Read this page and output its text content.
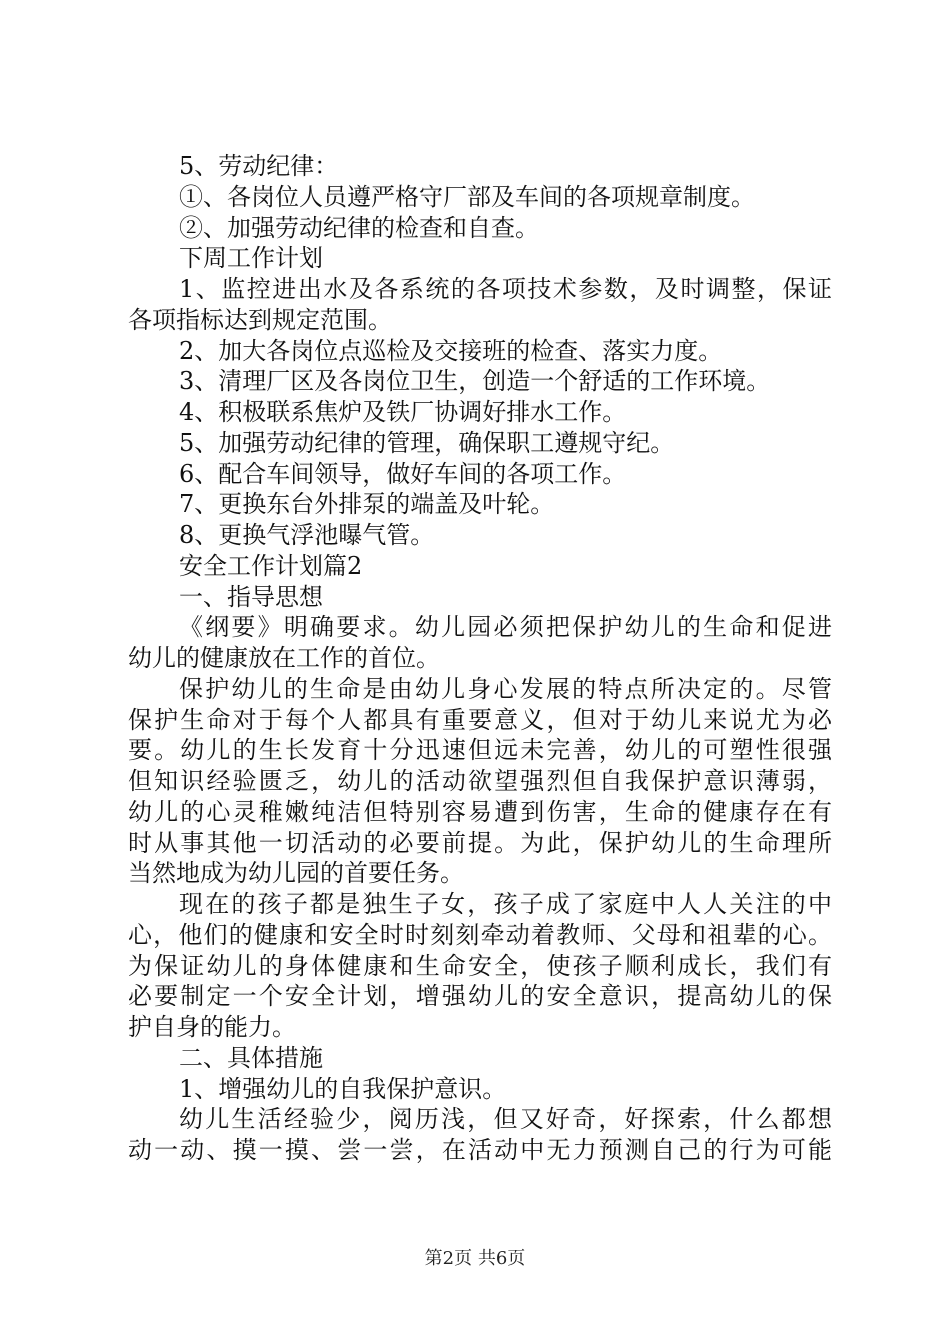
5、劳动纪律：
①、各岗位人员遵严格守厂部及车间的各项规章制度。
②、加强劳动纪律的检查和自查。
下周工作计划
1、监控进出水及各系统的各项技术参数，及时调整，保证
各项指标达到规定范围。
2、加大各岗位点巡检及交接班的检查、落实力度。
3、清理厂区及各岗位卫生，创造一个舒适的工作环境。
4、积极联系焦炉及铁厂协调好排水工作。
5、加强劳动纪律的管理，确保职工遵规守纪。
6、配合车间领导，做好车间的各项工作。
7、更换东台外排泵的端盖及叶轮。
8、更换气浮池曝气管。
安全工作计划篇2
一、指导思想
《纲要》明确要求。幼儿园必须把保护幼儿的生命和促进
幼儿的健康放在工作的首位。
保护幼儿的生命是由幼儿身心发展的特点所决定的。尽管
保护生命对于每个人都具有重要意义，但对于幼儿来说尤为必
要。幼儿的生长发育十分迅速但远未完善，幼儿的可塑性很强
但知识经验匮乏，幼儿的活动欲望强烈但自我保护意识薄弱，
幼儿的心灵稚嫩纯洁但特别容易遭到伤害，生命的健康存在有
时从事其他一切活动的必要前提。为此，保护幼儿的生命理所
当然地成为幼儿园的首要任务。
现在的孩子都是独生子女，孩子成了家庭中人人关注的中
心，他们的健康和安全时时刻刻牵动着教师、父母和祖辈的心。
为保证幼儿的身体健康和生命安全，使孩子顺利成长，我们有
必要制定一个安全计划，增强幼儿的安全意识，提高幼儿的保
护自身的能力。
二、具体措施
1、增强幼儿的自我保护意识。
幼儿生活经验少，阅历浅，但又好奇，好探索，什么都想
动一动、摸一摸、尝一尝，在活动中无力预测自己的行为可能
第2页 共6页
